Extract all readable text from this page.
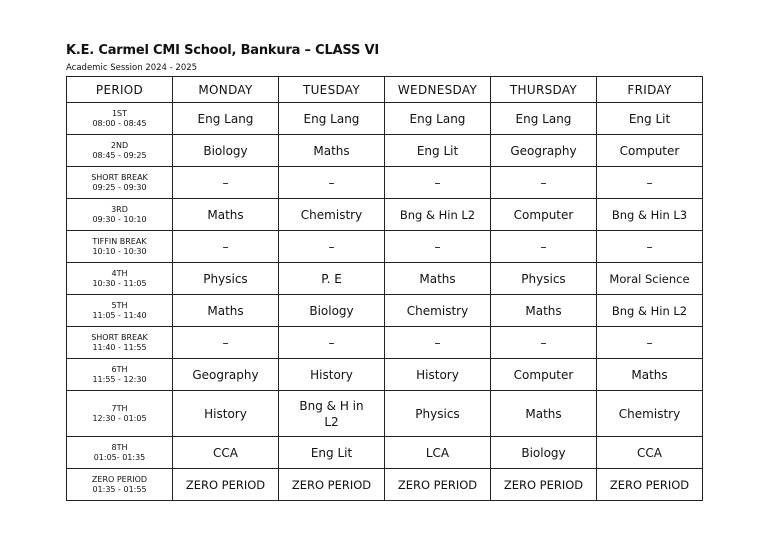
K.E. Carmel CMI School, Bankura – CLASS VI
Academic Session 2024 - 2025
PERIOD	MONDAY	TUESDAY	WEDNESDAY	THURSDAY	FRIDAY

1ST
08:00 - 08:45	Eng Lang	Eng Lang	Eng Lang	Eng Lang	Eng Lit

2ND
08:45 - 09:25	Biology	Maths	Eng Lit	Geography	Computer

SHORT BREAK
09:25 - 09:30	–	–	–	–	–

3RD
09:30 - 10:10	Maths	Chemistry	Bng & Hin L2	Computer	Bng & Hin L3

TIFFIN BREAK
10:10 - 10:30	–	–	–	–	–

4TH
10:30 - 11:05	Physics	P. E	Maths	Physics	Moral Science

5TH
11:05 - 11:40	Maths	Biology	Chemistry	Maths	Bng & Hin L2

SHORT BREAK
11:40 - 11:55	–	–	–	–	–

6TH
11:55 - 12:30	Geography	History	History	Computer	Maths

7TH
12:30 - 01:05	History	Bng & H in L2	Physics	Maths	Chemistry

8TH
01:05- 01:35	CCA	Eng Lit	LCA	Biology	CCA

ZERO PERIOD
01:35 - 01:55	ZERO PERIOD	ZERO PERIOD	ZERO PERIOD	ZERO PERIOD	ZERO PERIOD
